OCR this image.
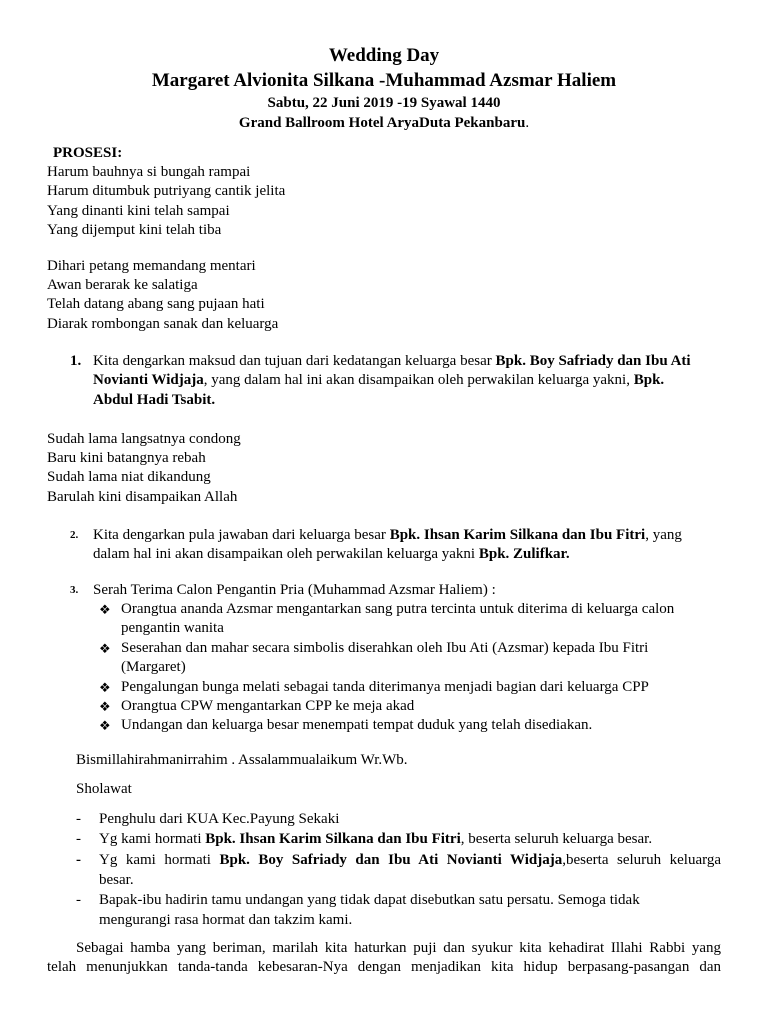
Wedding Day
Margaret Alvionita Silkana -Muhammad Azsmar Haliem
Sabtu, 22 Juni 2019 -19 Syawal 1440
Grand Ballroom Hotel AryaDuta Pekanbaru.
PROSESI:
Harum bauhnya si bungah rampai
Harum ditumbuk putriyang cantik jelita
Yang dinanti kini telah sampai
Yang dijemput kini telah tiba
Dihari petang memandang mentari
Awan berarak ke salatiga
Telah datang abang sang pujaan hati
Diarak rombongan sanak dan keluarga
1. Kita dengarkan maksud dan tujuan dari kedatangan keluarga besar Bpk. Boy Safriady dan Ibu Ati
Novianti Widjaja, yang dalam hal ini akan disampaikan oleh perwakilan keluarga yakni, Bpk.
Abdul Hadi Tsabit.
Sudah lama langsatnya condong
Baru kini batangnya rebah
Sudah lama niat dikandung
Barulah kini disampaikan Allah
2. Kita dengarkan pula jawaban dari keluarga besar Bpk. Ihsan Karim Silkana dan Ibu Fitri, yang
dalam hal ini akan disampaikan oleh perwakilan keluarga yakni Bpk. Zulifkar.
3. Serah Terima Calon Pengantin Pria (Muhammad Azsmar Haliem) :
❖ Orangtua ananda Azsmar mengantarkan sang putra tercinta untuk diterima di keluarga calon
pengantin wanita
❖ Seserahan dan mahar secara simbolis diserahkan oleh Ibu Ati (Azsmar) kepada Ibu Fitri
(Margaret)
❖ Pengalungan bunga melati sebagai tanda diterimanya menjadi bagian dari keluarga CPP
❖ Orangtua CPW mengantarkan CPP ke meja akad
❖ Undangan dan keluarga besar menempati tempat duduk yang telah disediakan.
Bismillahirahmanirrahim . Assalammualaikum Wr.Wb.
Sholawat
- Penghulu dari KUA Kec.Payung Sekaki
- Yg kami hormati Bpk. Ihsan Karim Silkana dan Ibu Fitri, beserta seluruh keluarga besar.
- Yg kami hormati Bpk. Boy Safriady dan Ibu Ati Novianti Widjaja,beserta seluruh keluarga
besar.
- Bapak-ibu hadirin tamu undangan yang tidak dapat disebutkan satu persatu. Semoga tidak
mengurangi rasa hormat dan takzim kami.
Sebagai hamba yang beriman, marilah kita haturkan puji dan syukur kita kehadirat Illahi Rabbi yang
telah menunjukkan tanda-tanda kebesaran-Nya dengan menjadikan kita hidup berpasang-pasangan dan
